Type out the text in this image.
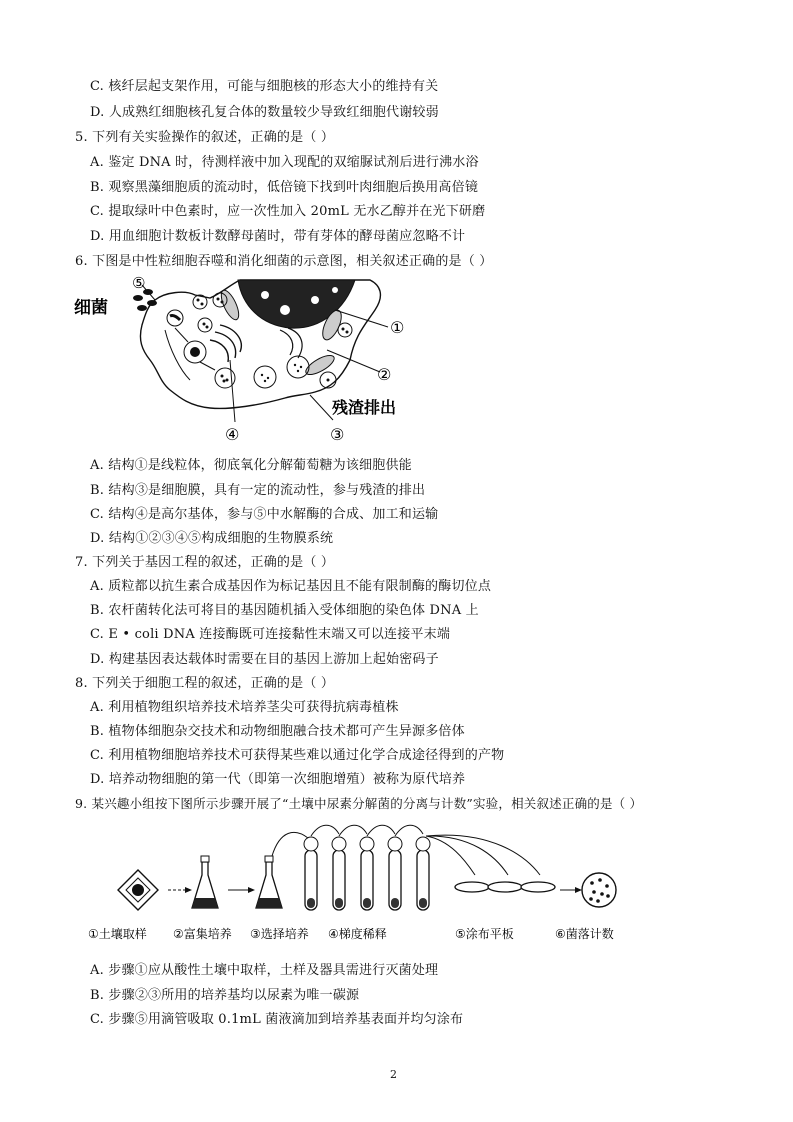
C. 核纤层起支架作用，可能与细胞核的形态大小的维持有关
D. 人成熟红细胞核孔复合体的数量较少导致红细胞代谢较弱
5. 下列有关实验操作的叙述，正确的是（ ）
A. 鉴定 DNA 时，待测样液中加入现配的双缩脲试剂后进行沸水浴
B. 观察黑藻细胞质的流动时，低倍镜下找到叶肉细胞后换用高倍镜
C. 提取绿叶中色素时，应一次性加入 20mL 无水乙醇并在光下研磨
D. 用血细胞计数板计数酵母菌时，带有芽体的酵母菌应忽略不计
6. 下图是中性粒细胞吞噬和消化细菌的示意图，相关叙述正确的是（ ）
细菌
⑤
①
②
残渣排出
④	③
A. 结构①是线粒体，彻底氧化分解葡萄糖为该细胞供能
B. 结构③是细胞膜，具有一定的流动性，参与残渣的排出
C. 结构④是高尔基体，参与⑤中水解酶的合成、加工和运输
D. 结构①②③④⑤构成细胞的生物膜系统
7. 下列关于基因工程的叙述，正确的是（ ）
A. 质粒都以抗生素合成基因作为标记基因且不能有限制酶的酶切位点
B. 农杆菌转化法可将目的基因随机插入受体细胞的染色体 DNA 上
C. E • coli DNA 连接酶既可连接黏性末端又可以连接平末端
D. 构建基因表达载体时需要在目的基因上游加上起始密码子
8. 下列关于细胞工程的叙述，正确的是（ ）
A. 利用植物组织培养技术培养茎尖可获得抗病毒植株
B. 植物体细胞杂交技术和动物细胞融合技术都可产生异源多倍体
C. 利用植物细胞培养技术可获得某些难以通过化学合成途径得到的产物
D. 培养动物细胞的第一代（即第一次细胞增殖）被称为原代培养
9. 某兴趣小组按下图所示步骤开展了“土壤中尿素分解菌的分离与计数”实验，相关叙述正确的是（ ）
①土壤取样 ②富集培养 ③选择培养 ④梯度稀释	⑤涂布平板	⑥菌落计数
A. 步骤①应从酸性土壤中取样，土样及器具需进行灭菌处理
B. 步骤②③所用的培养基均以尿素为唯一碳源
C. 步骤⑤用滴管吸取 0.1mL 菌液滴加到培养基表面并均匀涂布
2
